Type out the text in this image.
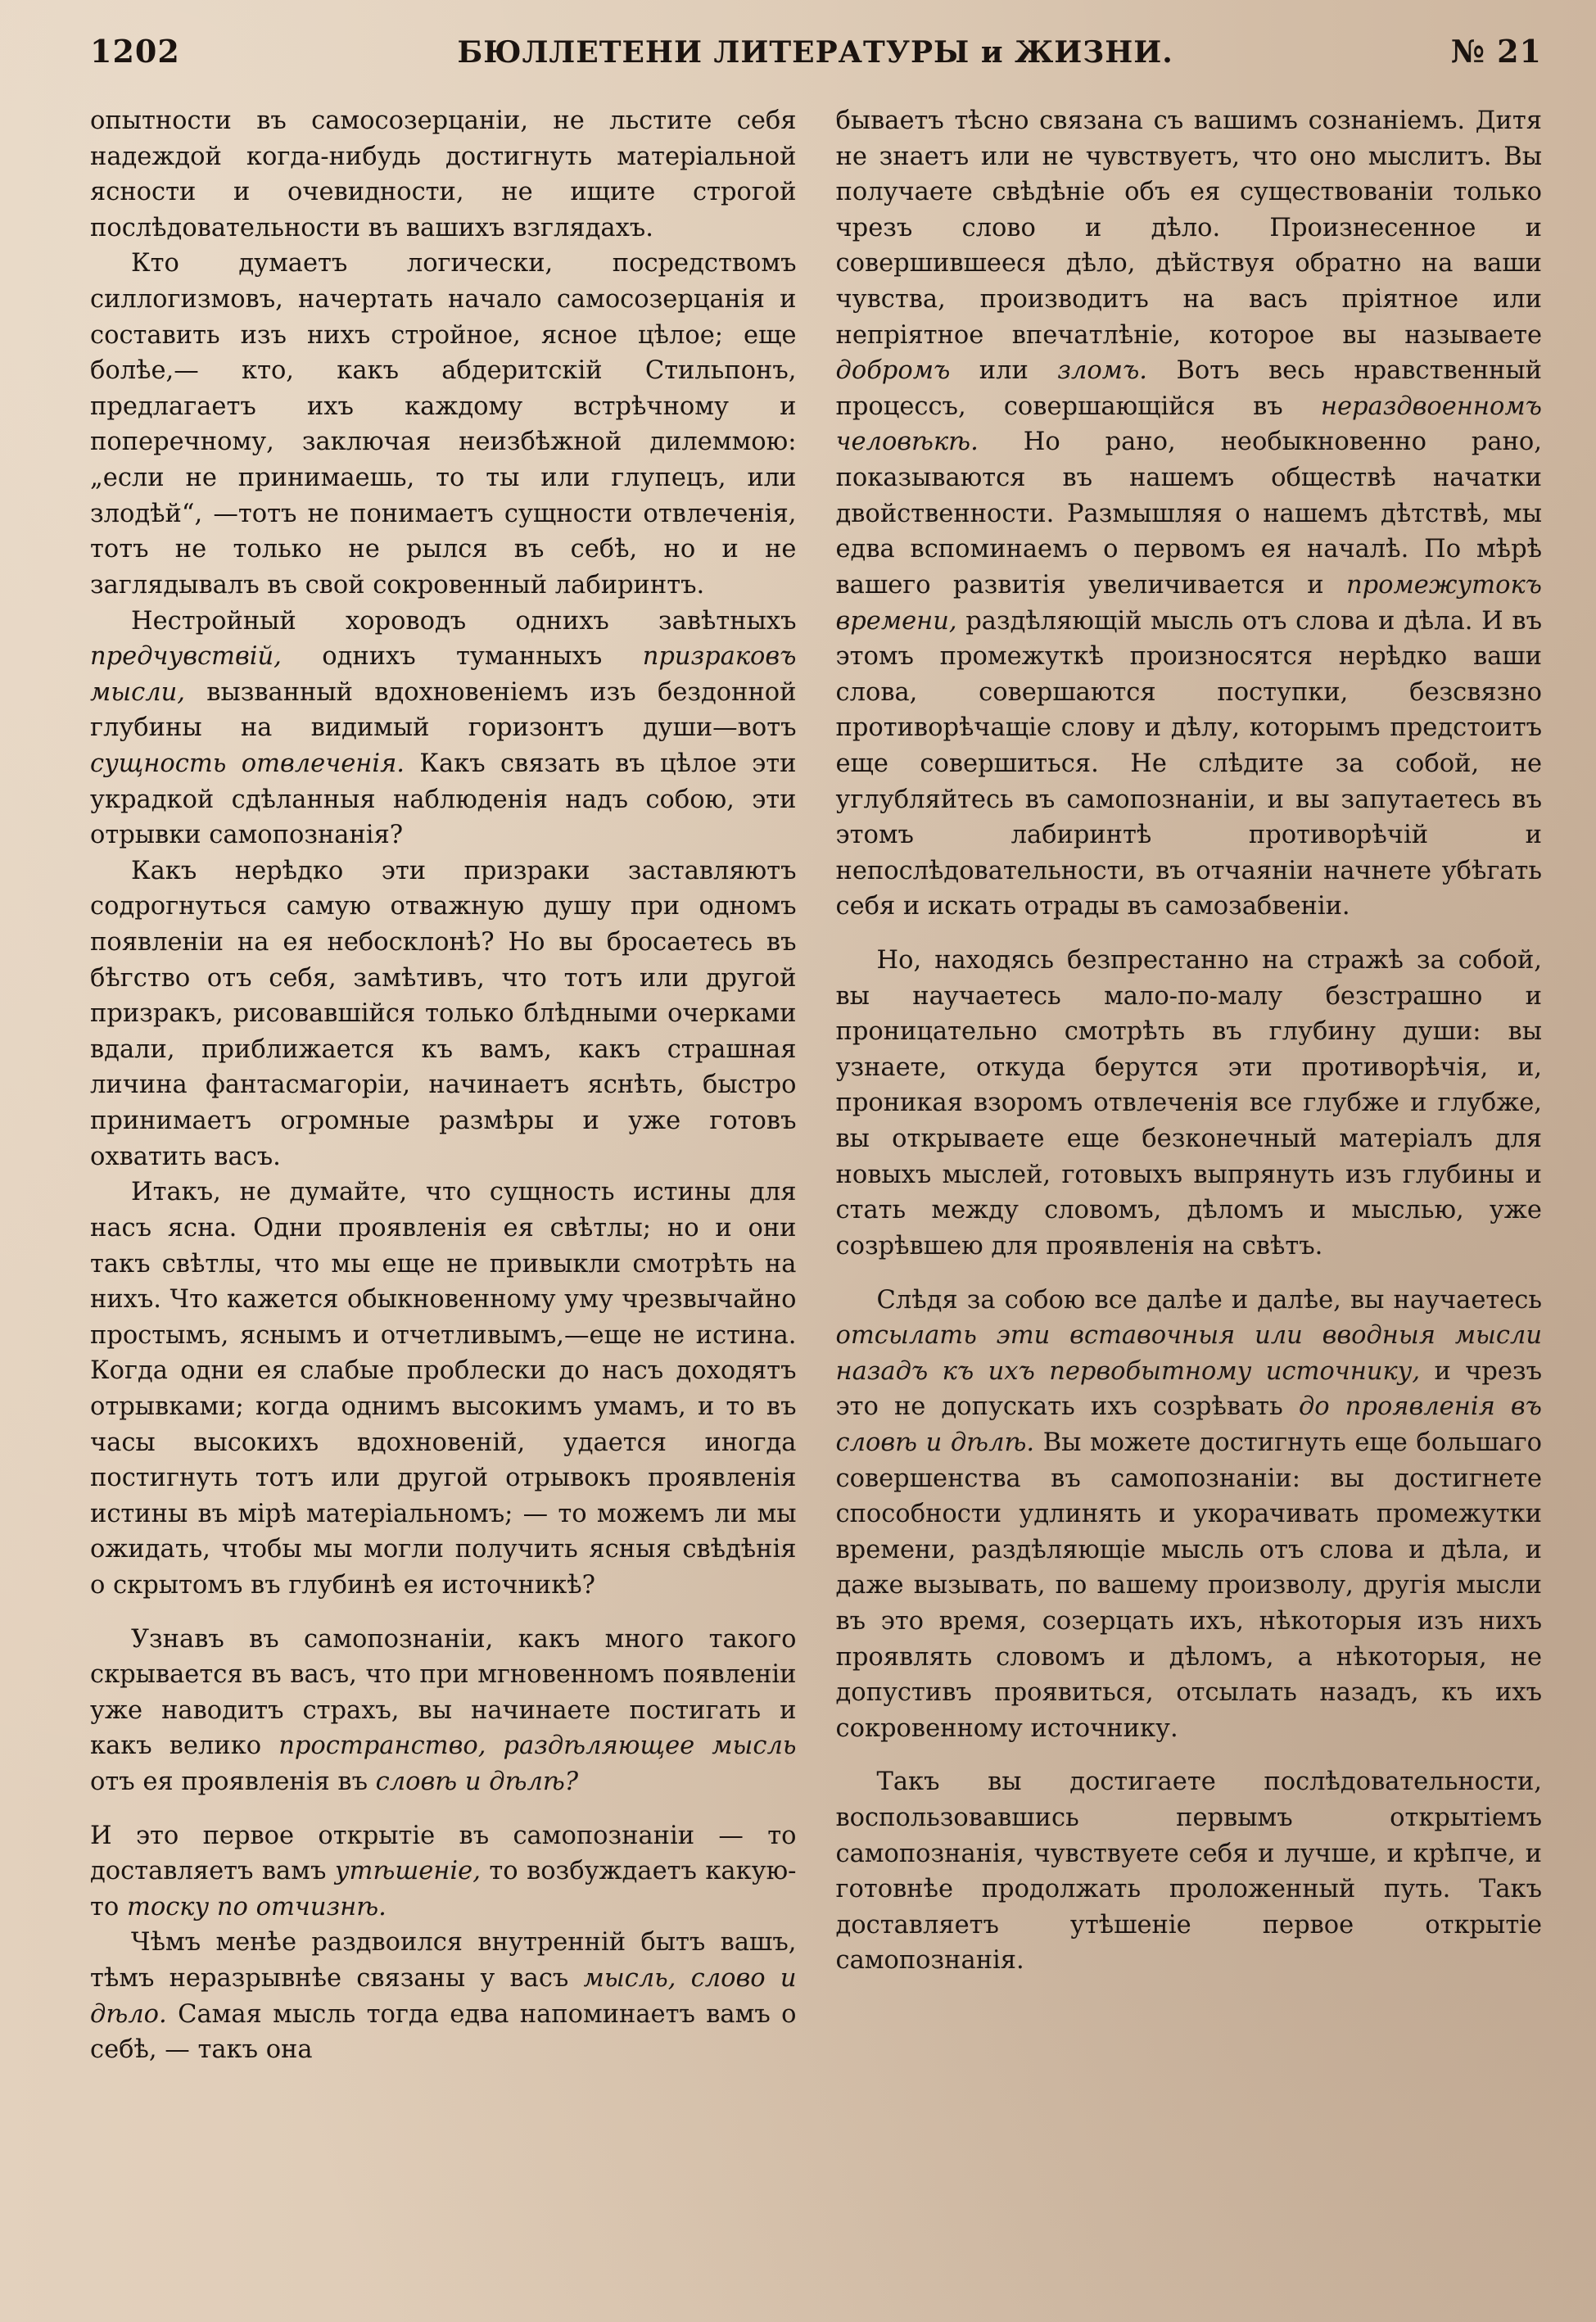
1202	БЮЛЛЕТЕНИ ЛИТЕРАТУРЫ и ЖИЗНИ.	№ 21

опытности въ самосозерцаніи, не льстите себя надеждой когда-нибудь достигнуть матеріальной ясности и очевидности, не ищите строгой послѣдовательности въ вашихъ взглядахъ.

Кто думаетъ логически, посредствомъ силлогизмовъ, начертать начало самосозерцанія и составить изъ нихъ стройное, ясное цѣлое; еще болѣе,— кто, какъ абдеритскій Стильпонъ, предлагаетъ ихъ каждому встрѣчному и поперечному, заключая неизбѣжной дилеммою: „если не принимаешь, то ты или глупецъ, или злодѣй“, —тотъ не понимаетъ сущности отвлеченія, тотъ не только не рылся въ себѣ, но и не заглядывалъ въ свой сокровенный лабиринтъ.

Нестройный хороводъ однихъ завѣтныхъ предчувствій, однихъ туманныхъ призраковъ мысли, вызванный вдохновеніемъ изъ бездонной глубины на видимый горизонтъ души—вотъ сущность отвлеченія. Какъ связать въ цѣлое эти украдкой сдѣланныя наблюденія надъ собою, эти отрывки самопознанія?

Какъ нерѣдко эти призраки заставляютъ содрогнуться самую отважную душу при одномъ появленіи на ея небосклонѣ? Но вы бросаетесь въ бѣгство отъ себя, замѣтивъ, что тотъ или другой призракъ, рисовавшійся только блѣдными очерками вдали, приближается къ вамъ, какъ страшная личина фантасмагоріи, начинаетъ яснѣть, быстро принимаетъ огромные размѣры и уже готовъ охватить васъ.

Итакъ, не думайте, что сущность истины для насъ ясна. Одни проявленія ея свѣтлы; но и они такъ свѣтлы, что мы еще не привыкли смотрѣть на нихъ. Что кажется обыкновенному уму чрезвычайно простымъ, яснымъ и отчетливымъ,—еще не истина. Когда одни ея слабые проблески до насъ доходятъ отрывками; когда однимъ высокимъ умамъ, и то въ часы высокихъ вдохновеній, удается иногда постигнуть тотъ или другой отрывокъ проявленія истины въ мірѣ матеріальномъ; — то можемъ ли мы ожидать, чтобы мы могли получить ясныя свѣдѣнія о скрытомъ въ глубинѣ ея источникѣ?

Узнавъ въ самопознаніи, какъ много такого скрывается въ васъ, что при мгновенномъ появленіи уже наводитъ страхъ, вы начинаете постигать и какъ велико пространство, раздѣляющее мысль отъ ея проявленія въ словѣ и дѣлѣ?

И это первое открытіе въ самопознаніи — то доставляетъ вамъ утѣшеніе, то возбуждаетъ какую-то тоску по отчизнѣ.

Чѣмъ менѣе раздвоился внутренній бытъ вашъ, тѣмъ неразрывнѣе связаны у васъ мысль, слово и дѣло. Самая мысль тогда едва напоминаетъ вамъ о себѣ, — такъ она

бываетъ тѣсно связана съ вашимъ сознаніемъ. Дитя не знаетъ или не чувствуетъ, что оно мыслитъ. Вы получаете свѣдѣніе объ ея существованіи только чрезъ слово и дѣло. Произнесенное и совершившееся дѣло, дѣйствуя обратно на ваши чувства, производитъ на васъ пріятное или непріятное впечатлѣніе, которое вы называете добромъ или зломъ. Вотъ весь нравственный процессъ, совершающійся въ нераздвоенномъ человѣкѣ. Но рано, необыкновенно рано, показываются въ нашемъ обществѣ начатки двойственности. Размышляя о нашемъ дѣтствѣ, мы едва вспоминаемъ о первомъ ея началѣ. По мѣрѣ вашего развитія увеличивается и промежутокъ времени, раздѣляющій мысль отъ слова и дѣла. И въ этомъ промежуткѣ произносятся нерѣдко ваши слова, совершаются поступки, безсвязно противорѣчащіе слову и дѣлу, которымъ предстоитъ еще совершиться. Не слѣдите за собой, не углубляйтесь въ самопознаніи, и вы запутаетесь въ этомъ лабиринтѣ противорѣчій и непослѣдовательности, въ отчаяніи начнете убѣгать себя и искать отрады въ самозабвеніи.

Но, находясь безпрестанно на стражѣ за собой, вы научаетесь мало-по-малу безстрашно и проницательно смотрѣть въ глубину души: вы узнаете, откуда берутся эти противорѣчія, и, проникая взоромъ отвлеченія все глубже и глубже, вы открываете еще безконечный матеріалъ для новыхъ мыслей, готовыхъ выпрянуть изъ глубины и стать между словомъ, дѣломъ и мыслью, уже созрѣвшею для проявленія на свѣтъ.

Слѣдя за собою все далѣе и далѣе, вы научаетесь отсылать эти вставочныя или вводныя мысли назадъ къ ихъ первобытному источнику, и чрезъ это не допускать ихъ созрѣвать до проявленія въ словѣ и дѣлѣ. Вы можете достигнуть еще большаго совершенства въ самопознаніи: вы достигнете способности удлинять и укорачивать промежутки времени, раздѣляющіе мысль отъ слова и дѣла, и даже вызывать, по вашему произволу, другія мысли въ это время, созерцать ихъ, нѣкоторыя изъ нихъ проявлять словомъ и дѣломъ, а нѣкоторыя, не допустивъ проявиться, отсылать назадъ, къ ихъ сокровенному источнику.

Такъ вы достигаете послѣдовательности, воспользовавшись первымъ открытіемъ самопознанія, чувствуете себя и лучше, и крѣпче, и готовнѣе продолжать проложенный путь. Такъ доставляетъ утѣшеніе первое открытіе самопознанія.
